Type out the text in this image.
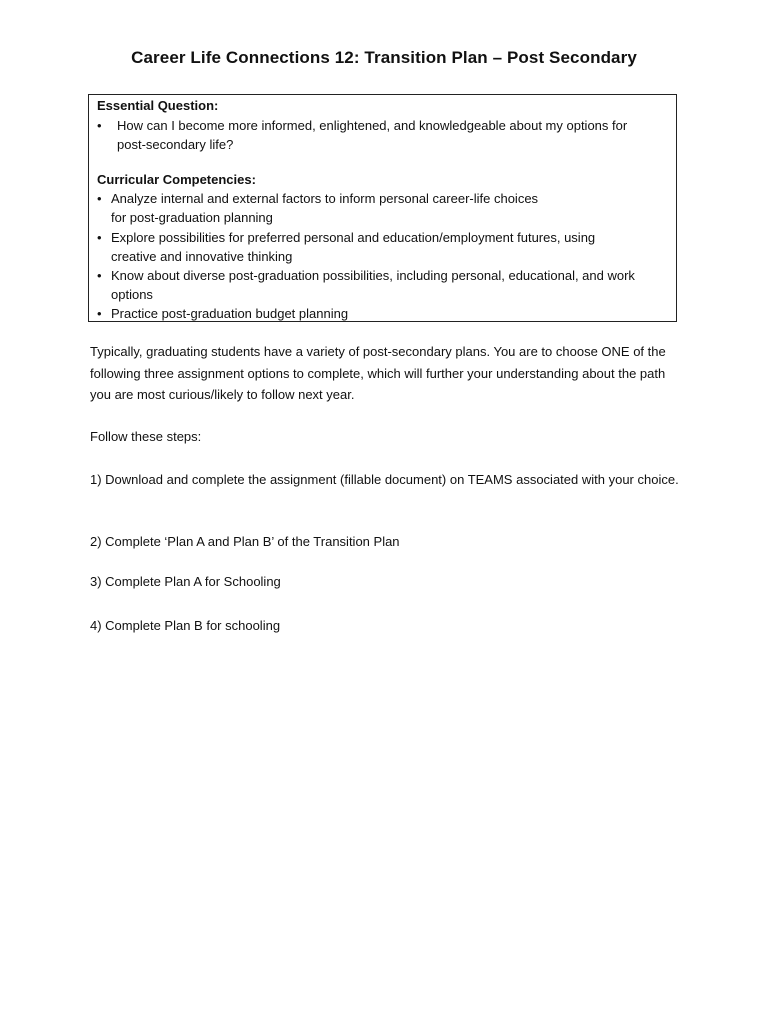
Career Life Connections 12: Transition Plan – Post Secondary
Essential Question:
•	How can I become more informed, enlightened, and knowledgeable about my options for post-secondary life?
Curricular Competencies:
• Analyze internal and external factors to inform personal career-life choices for post-graduation planning
• Explore possibilities for preferred personal and education/employment futures, using creative and innovative thinking
• Know about diverse post-graduation possibilities, including personal, educational, and work options
• Practice post-graduation budget planning
Typically, graduating students have a variety of post-secondary plans. You are to choose ONE of the following three assignment options to complete, which will further your understanding about the path you are most curious/likely to follow next year.
Follow these steps:
1) Download and complete the assignment (fillable document) on TEAMS associated with your choice.
2) Complete ‘Plan A and Plan B’ of the Transition Plan
3) Complete Plan A for Schooling
4) Complete Plan B for schooling
